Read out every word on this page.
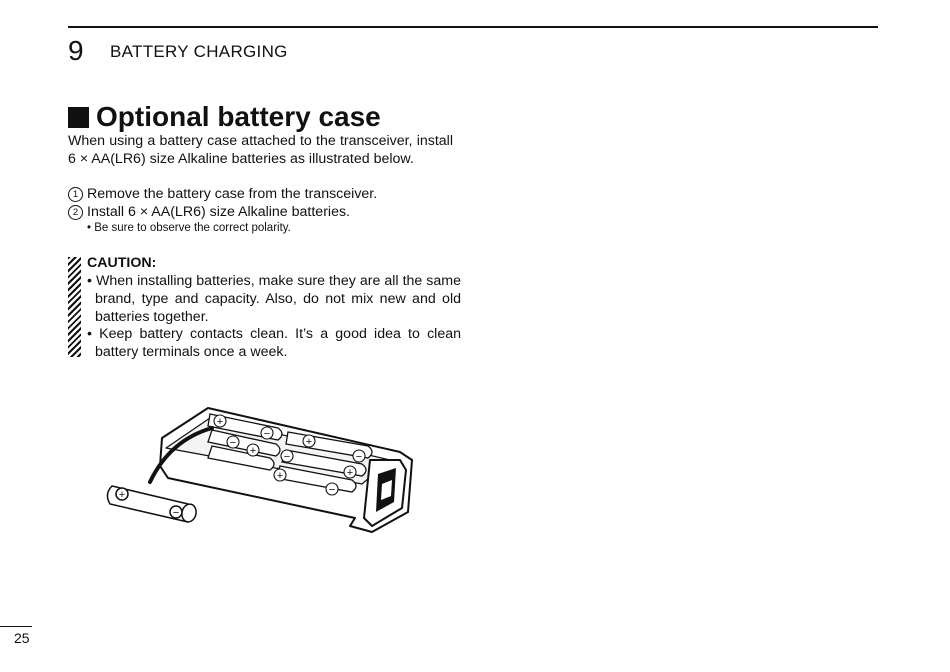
9 BATTERY CHARGING
Optional battery case
When using a battery case attached to the transceiver, install 6 × AA(LR6) size Alkaline batteries as illustrated below.
1 Remove the battery case from the transceiver.
2 Install 6 × AA(LR6) size Alkaline batteries.
• Be sure to observe the correct polarity.
CAUTION:
• When installing batteries, make sure they are all the same brand, type and capacity. Also, do not mix new and old batteries together.
• Keep battery contacts clean. It’s a good idea to clean battery terminals once a week.
+
−
−
+
+
−
−
+
+
−
+
−
25
